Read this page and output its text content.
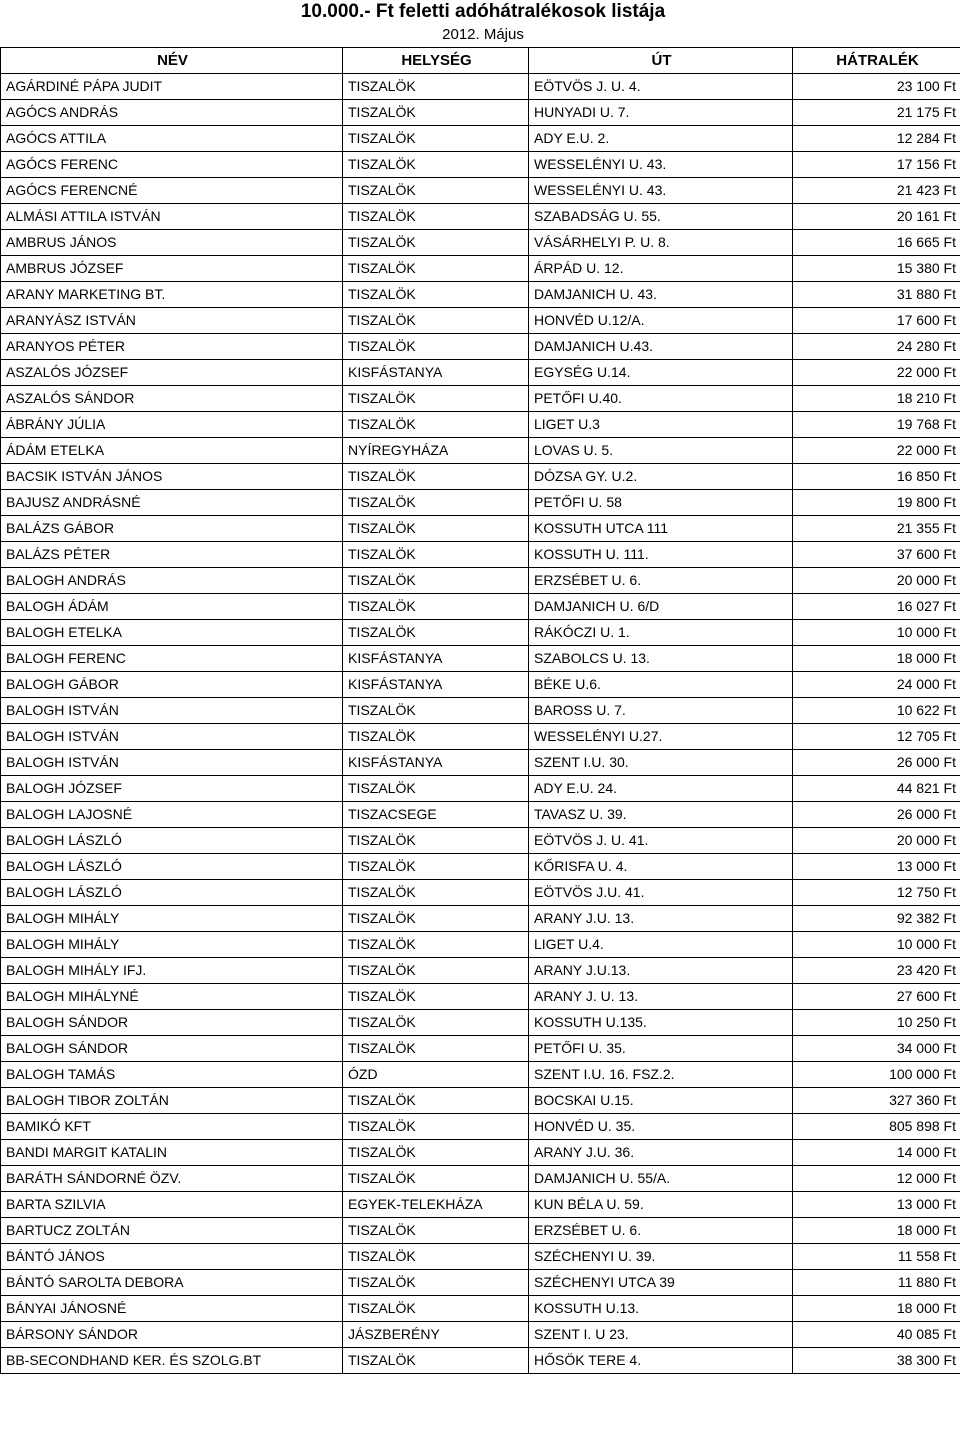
10.000.- Ft feletti adóhátralékosok listája
2012. Május
NÉV	HELYSÉG	ÚT	HÁTRALÉK
AGÁRDINÉ PÁPA JUDIT	TISZALÖK	EÖTVÖS J. U. 4.	23 100 Ft
AGÓCS ANDRÁS	TISZALÖK	HUNYADI U. 7.	21 175 Ft
AGÓCS ATTILA	TISZALÖK	ADY E.U. 2.	12 284 Ft
AGÓCS FERENC	TISZALÖK	WESSELÉNYI U. 43.	17 156 Ft
AGÓCS FERENCNÉ	TISZALÖK	WESSELÉNYI U. 43.	21 423 Ft
ALMÁSI ATTILA ISTVÁN	TISZALÖK	SZABADSÁG U. 55.	20 161 Ft
AMBRUS JÁNOS	TISZALÖK	VÁSÁRHELYI P. U. 8.	16 665 Ft
AMBRUS JÓZSEF	TISZALÖK	ÁRPÁD U. 12.	15 380 Ft
ARANY MARKETING BT.	TISZALÖK	DAMJANICH U. 43.	31 880 Ft
ARANYÁSZ ISTVÁN	TISZALÖK	HONVÉD U.12/A.	17 600 Ft
ARANYOS PÉTER	TISZALÖK	DAMJANICH U.43.	24 280 Ft
ASZALÓS JÓZSEF	KISFÁSTANYA	EGYSÉG U.14.	22 000 Ft
ASZALÓS SÁNDOR	TISZALÖK	PETŐFI U.40.	18 210 Ft
ÁBRÁNY JÚLIA	TISZALÖK	LIGET U.3	19 768 Ft
ÁDÁM ETELKA	NYÍREGYHÁZA	LOVAS U. 5.	22 000 Ft
BACSIK ISTVÁN JÁNOS	TISZALÖK	DÓZSA GY. U.2.	16 850 Ft
BAJUSZ ANDRÁSNÉ	TISZALÖK	PETŐFI U. 58	19 800 Ft
BALÁZS GÁBOR	TISZALÖK	KOSSUTH UTCA 111	21 355 Ft
BALÁZS PÉTER	TISZALÖK	KOSSUTH U. 111.	37 600 Ft
BALOGH ANDRÁS	TISZALÖK	ERZSÉBET U. 6.	20 000 Ft
BALOGH ÁDÁM	TISZALÖK	DAMJANICH U. 6/D	16 027 Ft
BALOGH ETELKA	TISZALÖK	RÁKÓCZI U. 1.	10 000 Ft
BALOGH FERENC	KISFÁSTANYA	SZABOLCS U. 13.	18 000 Ft
BALOGH GÁBOR	KISFÁSTANYA	BÉKE U.6.	24 000 Ft
BALOGH ISTVÁN	TISZALÖK	BAROSS U. 7.	10 622 Ft
BALOGH ISTVÁN	TISZALÖK	WESSELÉNYI U.27.	12 705 Ft
BALOGH ISTVÁN	KISFÁSTANYA	SZENT I.U. 30.	26 000 Ft
BALOGH JÓZSEF	TISZALÖK	ADY E.U. 24.	44 821 Ft
BALOGH LAJOSNÉ	TISZACSEGE	TAVASZ U. 39.	26 000 Ft
BALOGH LÁSZLÓ	TISZALÖK	EÖTVÖS J. U. 41.	20 000 Ft
BALOGH LÁSZLÓ	TISZALÖK	KŐRISFA U. 4.	13 000 Ft
BALOGH LÁSZLÓ	TISZALÖK	EÖTVÖS J.U. 41.	12 750 Ft
BALOGH MIHÁLY	TISZALÖK	ARANY J.U. 13.	92 382 Ft
BALOGH MIHÁLY	TISZALÖK	LIGET U.4.	10 000 Ft
BALOGH MIHÁLY IFJ.	TISZALÖK	ARANY J.U.13.	23 420 Ft
BALOGH MIHÁLYNÉ	TISZALÖK	ARANY J. U. 13.	27 600 Ft
BALOGH SÁNDOR	TISZALÖK	KOSSUTH U.135.	10 250 Ft
BALOGH SÁNDOR	TISZALÖK	PETŐFI U. 35.	34 000 Ft
BALOGH TAMÁS	ÓZD	SZENT I.U. 16. FSZ.2.	100 000 Ft
BALOGH TIBOR ZOLTÁN	TISZALÖK	BOCSKAI U.15.	327 360 Ft
BAMIKÓ KFT	TISZALÖK	HONVÉD U. 35.	805 898 Ft
BANDI MARGIT KATALIN	TISZALÖK	ARANY J.U. 36.	14 000 Ft
BARÁTH SÁNDORNÉ ÖZV.	TISZALÖK	DAMJANICH U. 55/A.	12 000 Ft
BARTA SZILVIA	EGYEK-TELEKHÁZA	KUN BÉLA U. 59.	13 000 Ft
BARTUCZ ZOLTÁN	TISZALÖK	ERZSÉBET U. 6.	18 000 Ft
BÁNTÓ JÁNOS	TISZALÖK	SZÉCHENYI U. 39.	11 558 Ft
BÁNTÓ SAROLTA DEBORA	TISZALÖK	SZÉCHENYI UTCA 39	11 880 Ft
BÁNYAI JÁNOSNÉ	TISZALÖK	KOSSUTH U.13.	18 000 Ft
BÁRSONY SÁNDOR	JÁSZBERÉNY	SZENT I. U 23.	40 085 Ft
BB-SECONDHAND KER. ÉS SZOLG.BT	TISZALÖK	HŐSÖK TERE 4.	38 300 Ft
